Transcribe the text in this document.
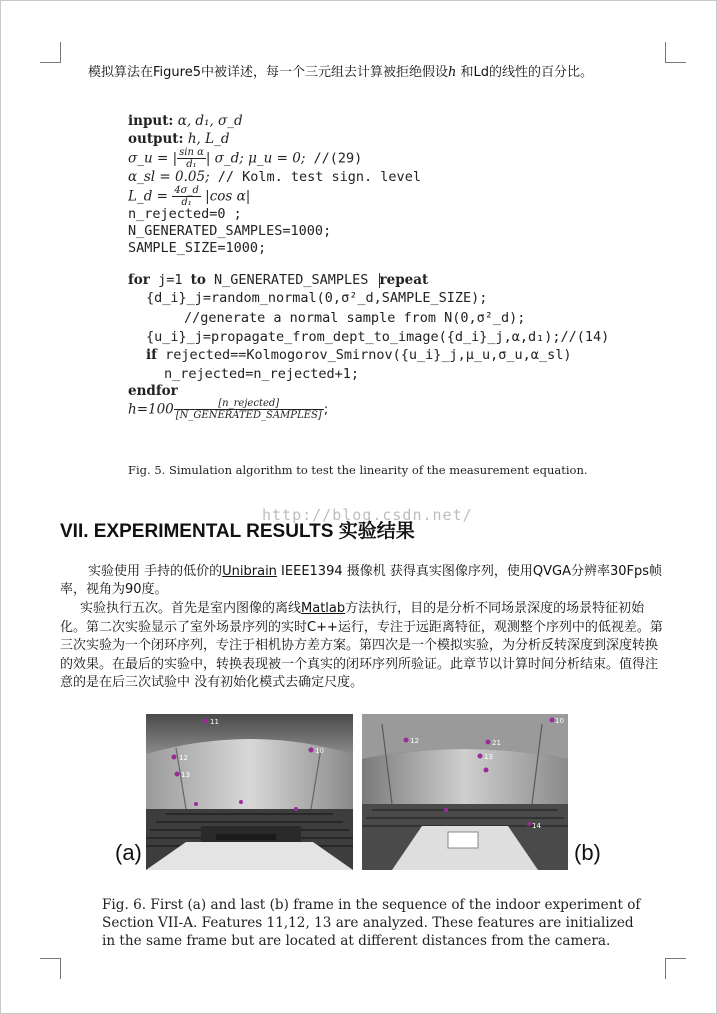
模拟算法在Figure5中被详述，每一个三元组去计算被拒绝假设h 和Ld的线性的百分比。
input: α, d₁, σ_d
output: h, L_d
σ_u = | $\frac{\text{sin α}}{\text{d₁}}$ | σ_d; μ_u = 0; //(29)
α_sl = 0.05; // Kolm. test sign. level
L_d = $\frac{4\sigma\_d}{\text{d₁}} |\cos$ α|
n_rejected=0 ;
N_GENERATED_SAMPLES=1000;
SAMPLE_SIZE=1000;
for j=1 to N_GENERATED_SAMPLES repeat
{d_i}_j=random_normal(0,σ²_d,SAMPLE_SIZE);
//generate a normal sample from N(0,σ²_d);
{u_i}_j=propagate_from_dept_to_image({d_i}_j,α,d₁);//(14)
if rejected==Kolmogorov_Smirnov({u_i}_j,μ_u,σ_u,α_sl)
n_rejected=n_rejected+1;
endfor
$h=100 \frac{\text{[n\_rejected]}}{\text{[N\_GENERATED\_SAMPLES]}}$ ;
Fig. 5. Simulation algorithm to test the linearity of the measurement equation.
http://blog.csdn.net/
VII. EXPERIMENTAL RESULTS 实验结果
实验使用 手持的低价的Unibrain IEEE1394 摄像机 获得真实图像序列，使用QVGA分辨率30Fps帧率，视角为90度。
实验执行五次。首先是室内图像的离线Matlab方法执行，目的是分析不同场景深度的场景特征初始化。第二次实验显示了室外场景序列的实时C++运行，专注于远距离特征，观测整个序列中的低视差。第三次实验为一个闭环序列，专注于相机协方差方案。第四次是一个模拟实验，为分析反转深度到深度转换的效果。在最后的实验中，转换表现被一个真实的闭环序列所验证。此章节以计算时间分析结束。值得注意的是在后三次试验中 没有初始化模式去确定尺度。
11
10
12
13
10
12	21
13
14
(a)	(b)

Fig. 6. First (a) and last (b) frame in the sequence of the indoor experiment of

Section VII-A. Features 11,12, 13 are analyzed. These features are initialized

in the same frame but are located at different distances from the camera.
